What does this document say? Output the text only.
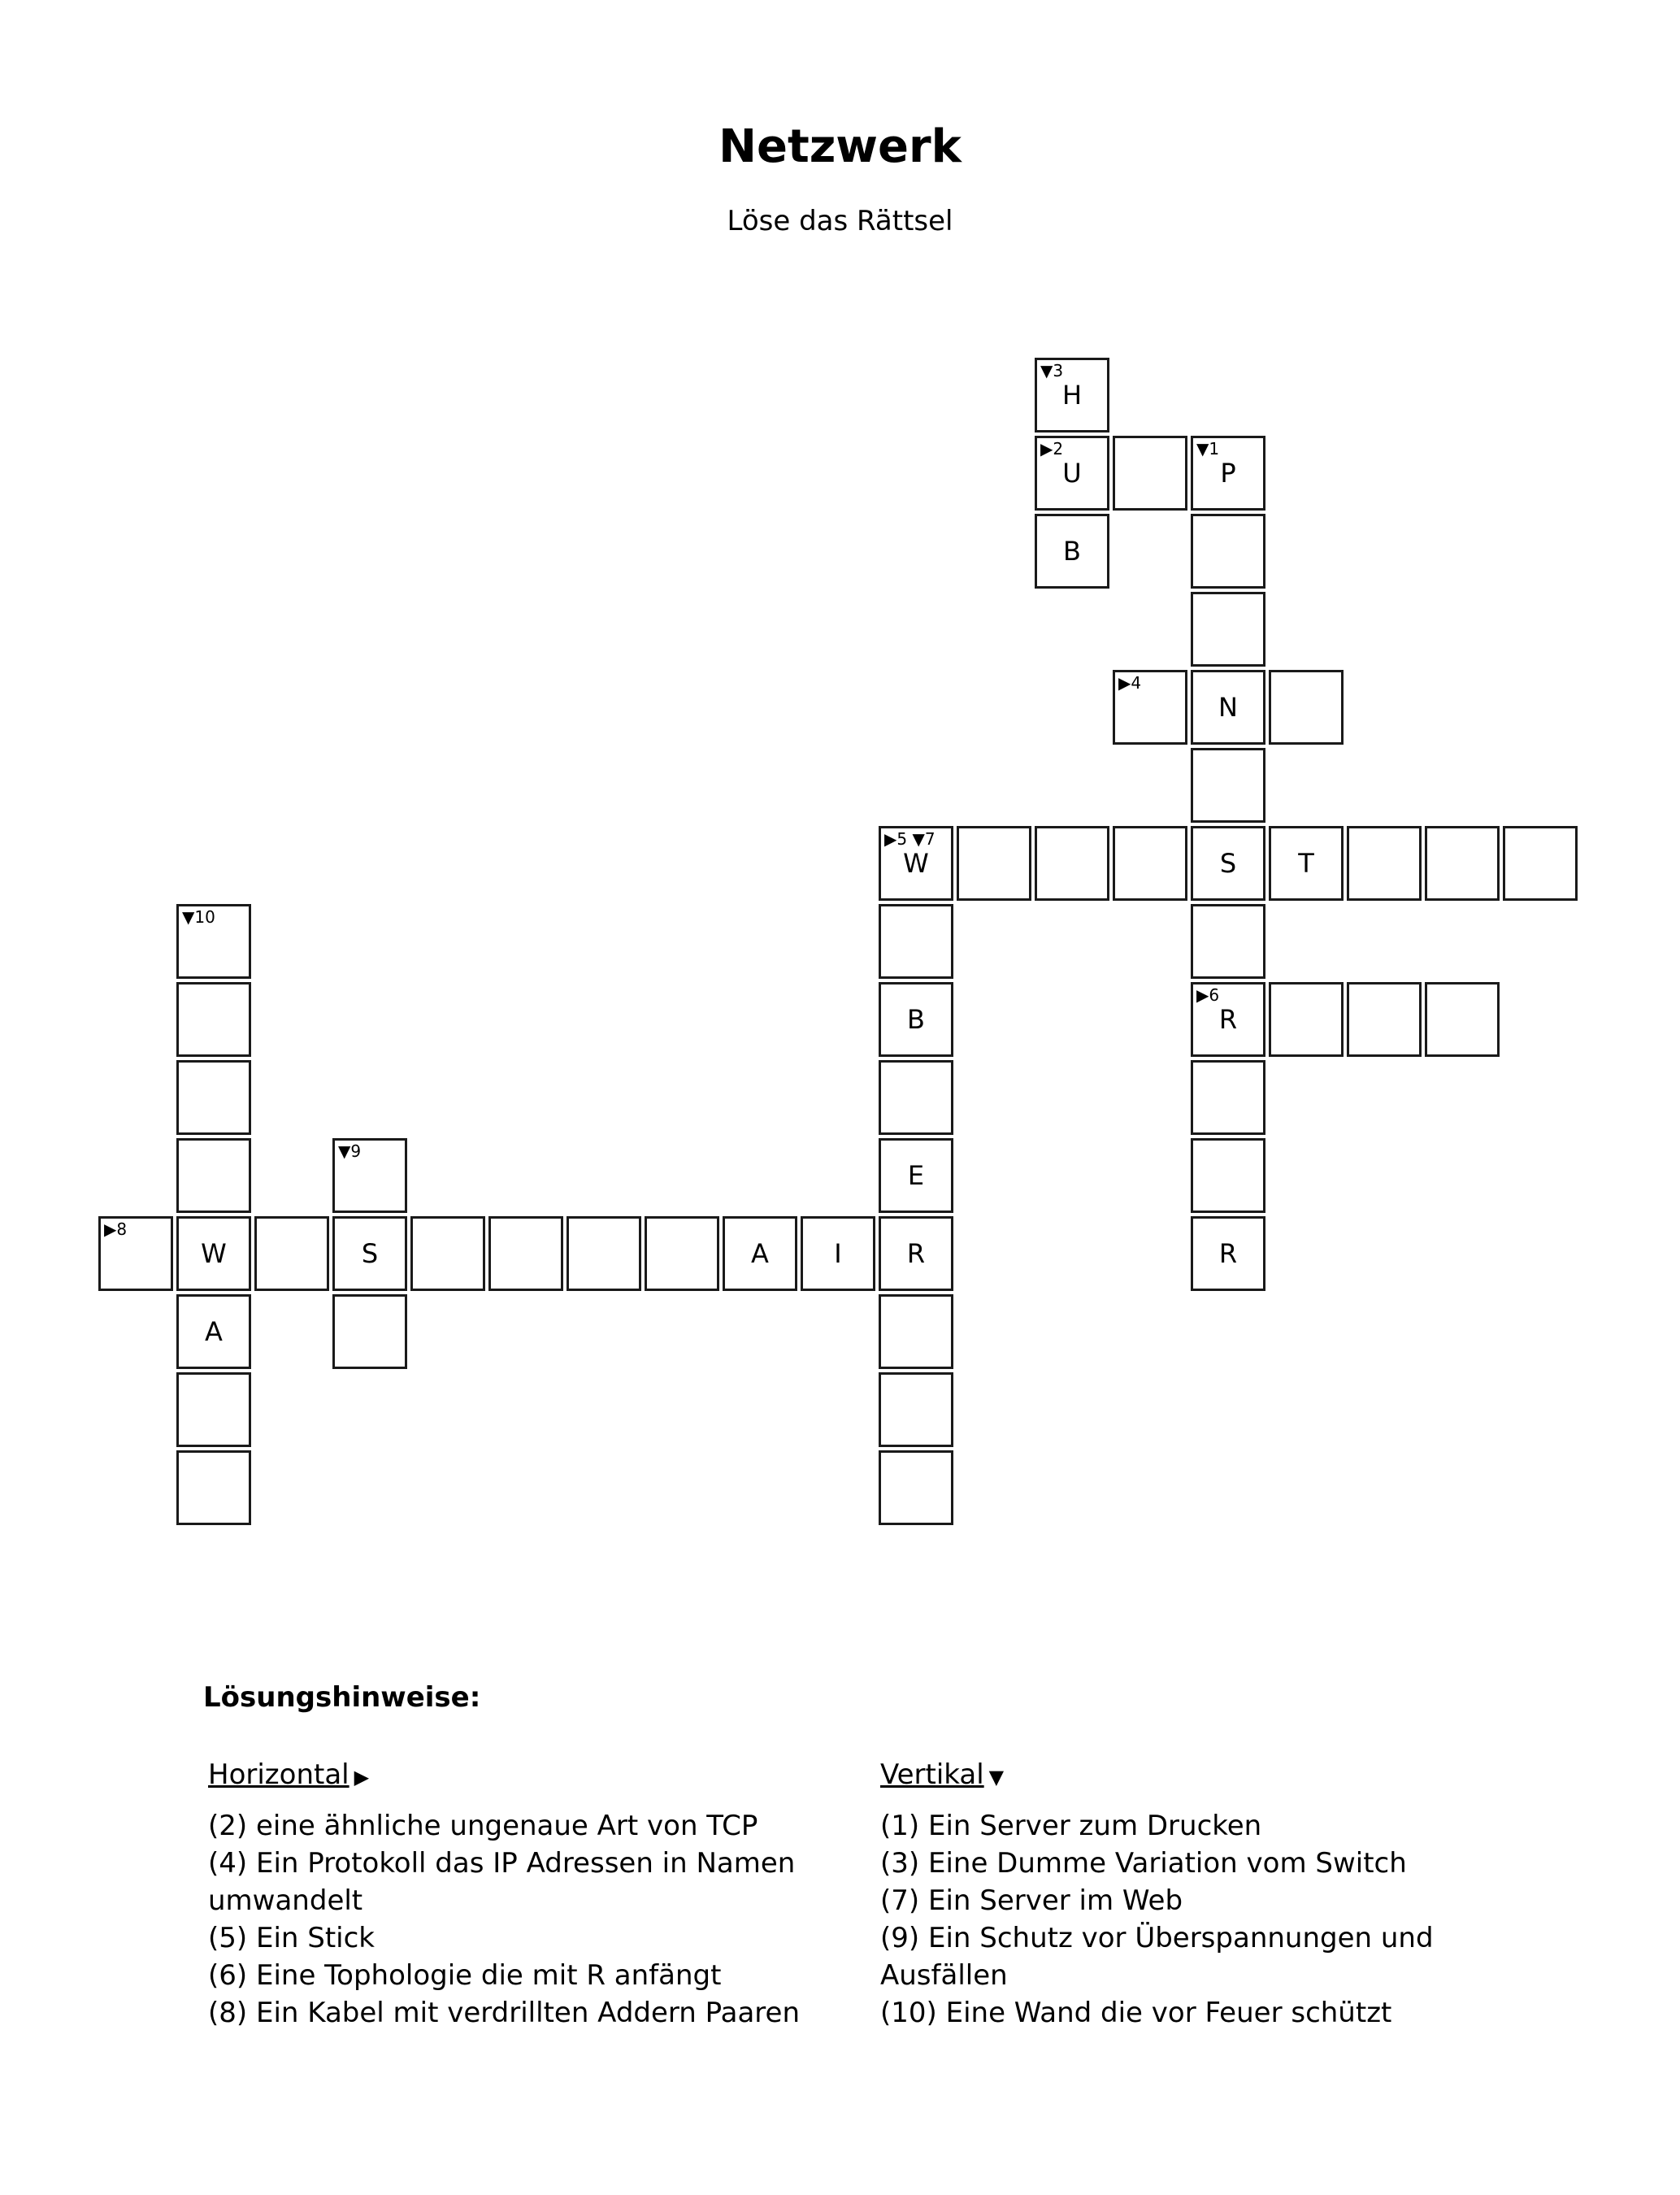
Netzwerk

Löse das Rättsel

▼3
H
▶2
U
▼1
P
B
▶4
N
▶5 ▼7
W	S	T
▼10
B
▶6
R
▼9
E
▶8
W	S	A	I	R	R
A
Lösungshinweise:
Horizontal ▶

(2) eine ähnliche ungenaue Art von TCP

(4) Ein Protokoll das IP Adressen in Namen umwandelt

(5) Ein Stick

(6) Eine Tophologie die mit R anfängt

(8) Ein Kabel mit verdrillten Addern Paaren

Vertikal ▼

(1) Ein Server zum Drucken

(3) Eine Dumme Variation vom Switch

(7) Ein Server im Web

(9) Ein Schutz vor Überspannungen und Ausfällen

(10) Eine Wand die vor Feuer schützt
